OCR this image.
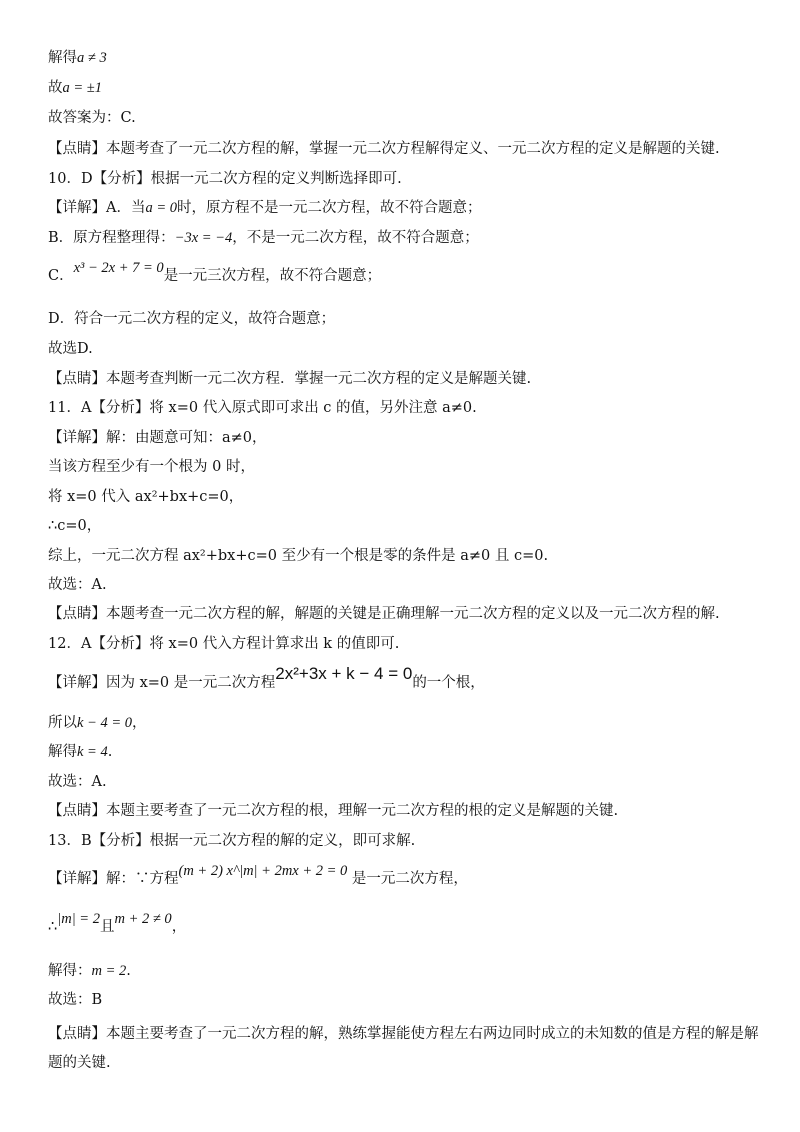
解得a ≠ 3
故a = ±1
故答案为：C.
【点睛】本题考查了一元二次方程的解，掌握一元二次方程解得定义、一元二次方程的定义是解题的关键.
10．D【分析】根据一元二次方程的定义判断选择即可.
【详解】A．当a = 0时，原方程不是一元二次方程，故不符合题意；
B．原方程整理得：−3x = −4，不是一元二次方程，故不符合题意；
C．x³ − 2x + 7 = 0是一元三次方程，故不符合题意；
D．符合一元二次方程的定义，故符合题意；
故选D.
【点睛】本题考查判断一元二次方程．掌握一元二次方程的定义是解题关键.
11．A【分析】将 x=0 代入原式即可求出 c 的值，另外注意 a≠0.
【详解】解：由题意可知：a≠0，
当该方程至少有一个根为 0 时，
将 x=0 代入 ax²+bx+c=0，
∴c=0，
综上，一元二次方程 ax²+bx+c=0 至少有一个根是零的条件是 a≠0 且 c=0.
故选：A.
【点睛】本题考查一元二次方程的解，解题的关键是正确理解一元二次方程的定义以及一元二次方程的解.
12．A【分析】将 x=0 代入方程计算求出 k 的值即可.
【详解】因为 x=0 是一元二次方程2x²+3x + k − 4 = 0的一个根，
所以k − 4 = 0，
解得k = 4.
故选：A.
【点睛】本题主要考查了一元二次方程的根，理解一元二次方程的根的定义是解题的关键.
13．B【分析】根据一元二次方程的解的定义，即可求解.
【详解】解：∵方程(m + 2) x^|m| + 2mx + 2 = 0 是一元二次方程，
∴|m| = 2且m + 2 ≠ 0，
解得：m = 2.
故选：B
【点睛】本题主要考查了一元二次方程的解，熟练掌握能使方程左右两边同时成立的未知数的值是方程的解是解题的关键.
